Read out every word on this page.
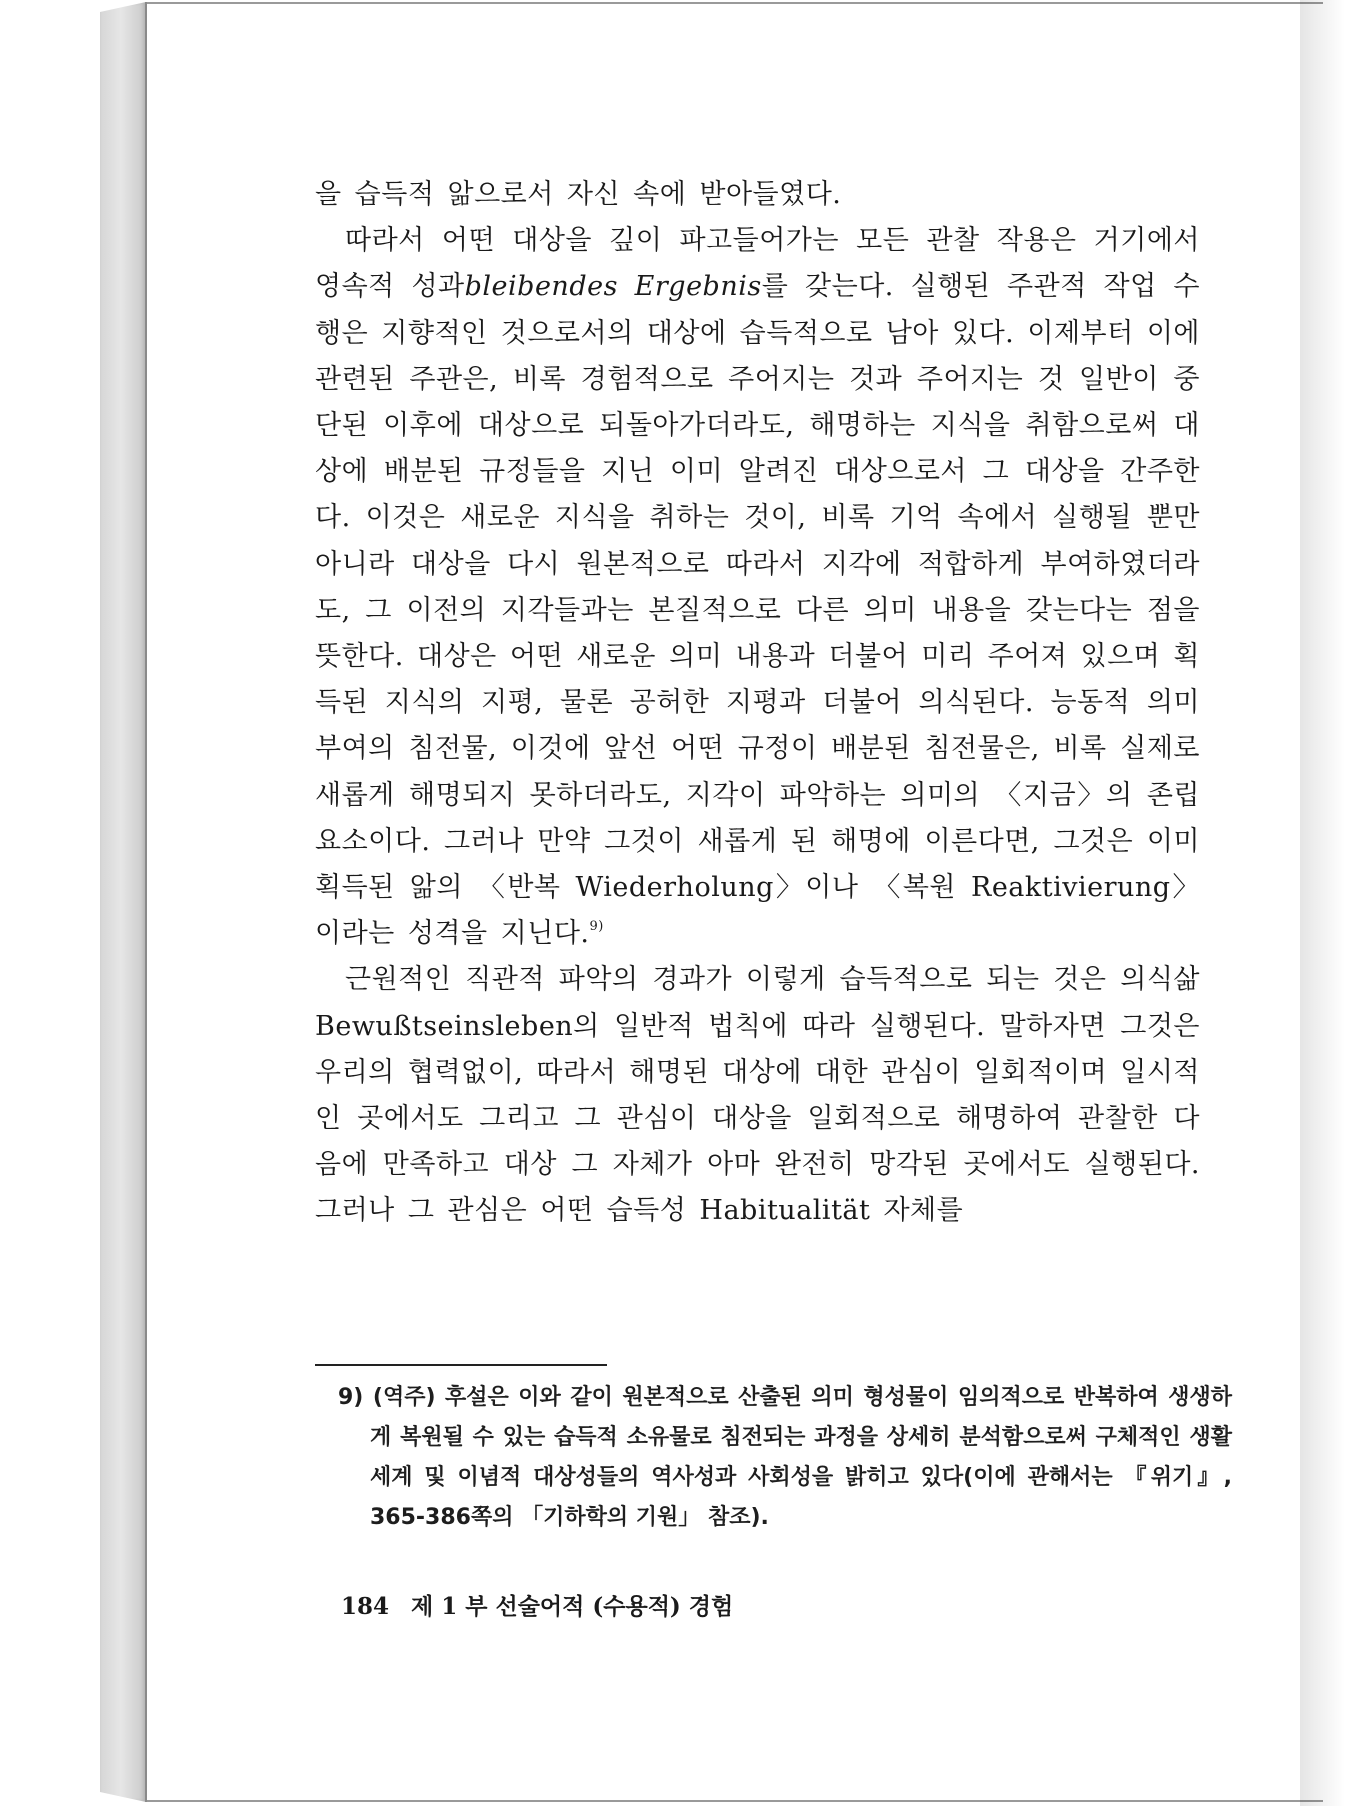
을 습득적 앎으로서 자신 속에 받아들였다.

따라서 어떤 대상을 깊이 파고들어가는 모든 관찰 작용은 거기에서 영속적 성과bleibendes Ergebnis를 갖는다. 실행된 주관적 작업 수행은 지향적인 것으로서의 대상에 습득적으로 남아 있다. 이제부터 이에 관련된 주관은, 비록 경험적으로 주어지는 것과 주어지는 것 일반이 중단된 이후에 대상으로 되돌아가더라도, 해명하는 지식을 취함으로써 대상에 배분된 규정들을 지닌 이미 알려진 대상으로서 그 대상을 간주한다. 이것은 새로운 지식을 취하는 것이, 비록 기억 속에서 실행될 뿐만 아니라 대상을 다시 원본적으로 따라서 지각에 적합하게 부여하였더라도, 그 이전의 지각들과는 본질적으로 다른 의미 내용을 갖는다는 점을 뜻한다. 대상은 어떤 새로운 의미 내용과 더불어 미리 주어져 있으며 획득된 지식의 지평, 물론 공허한 지평과 더불어 의식된다. 능동적 의미 부여의 침전물, 이것에 앞선 어떤 규정이 배분된 침전물은, 비록 실제로 새롭게 해명되지 못하더라도, 지각이 파악하는 의미의 〈지금〉의 존립 요소이다. 그러나 만약 그것이 새롭게 된 해명에 이른다면, 그것은 이미 획득된 앎의 〈반복 Wiederholung〉이나 〈복원 Reaktivierung〉이라는 성격을 지닌다.$^{9)}$

근원적인 직관적 파악의 경과가 이렇게 습득적으로 되는 것은 의식삶 Bewußtseinsleben의 일반적 법칙에 따라 실행된다. 말하자면 그것은 우리의 협력없이, 따라서 해명된 대상에 대한 관심이 일회적이며 일시적인 곳에서도 그리고 그 관심이 대상을 일회적으로 해명하여 관찰한 다음에 만족하고 대상 그 자체가 아마 완전히 망각된 곳에서도 실행된다. 그러나 그 관심은 어떤 습득성 Habitualität 자체를

9) (역주) 후설은 이와 같이 원본적으로 산출된 의미 형성물이 임의적으로 반복하여 생생하게 복원될 수 있는 습득적 소유물로 침전되는 과정을 상세히 분석함으로써 구체적인 생활 세계 및 이념적 대상성들의 역사성과 사회성을 밝히고 있다(이에 관해서는 『위기』, 365-386쪽의 「기하학의 기원」 참조).
184 제 1 부 선술어적 (수용적) 경험
